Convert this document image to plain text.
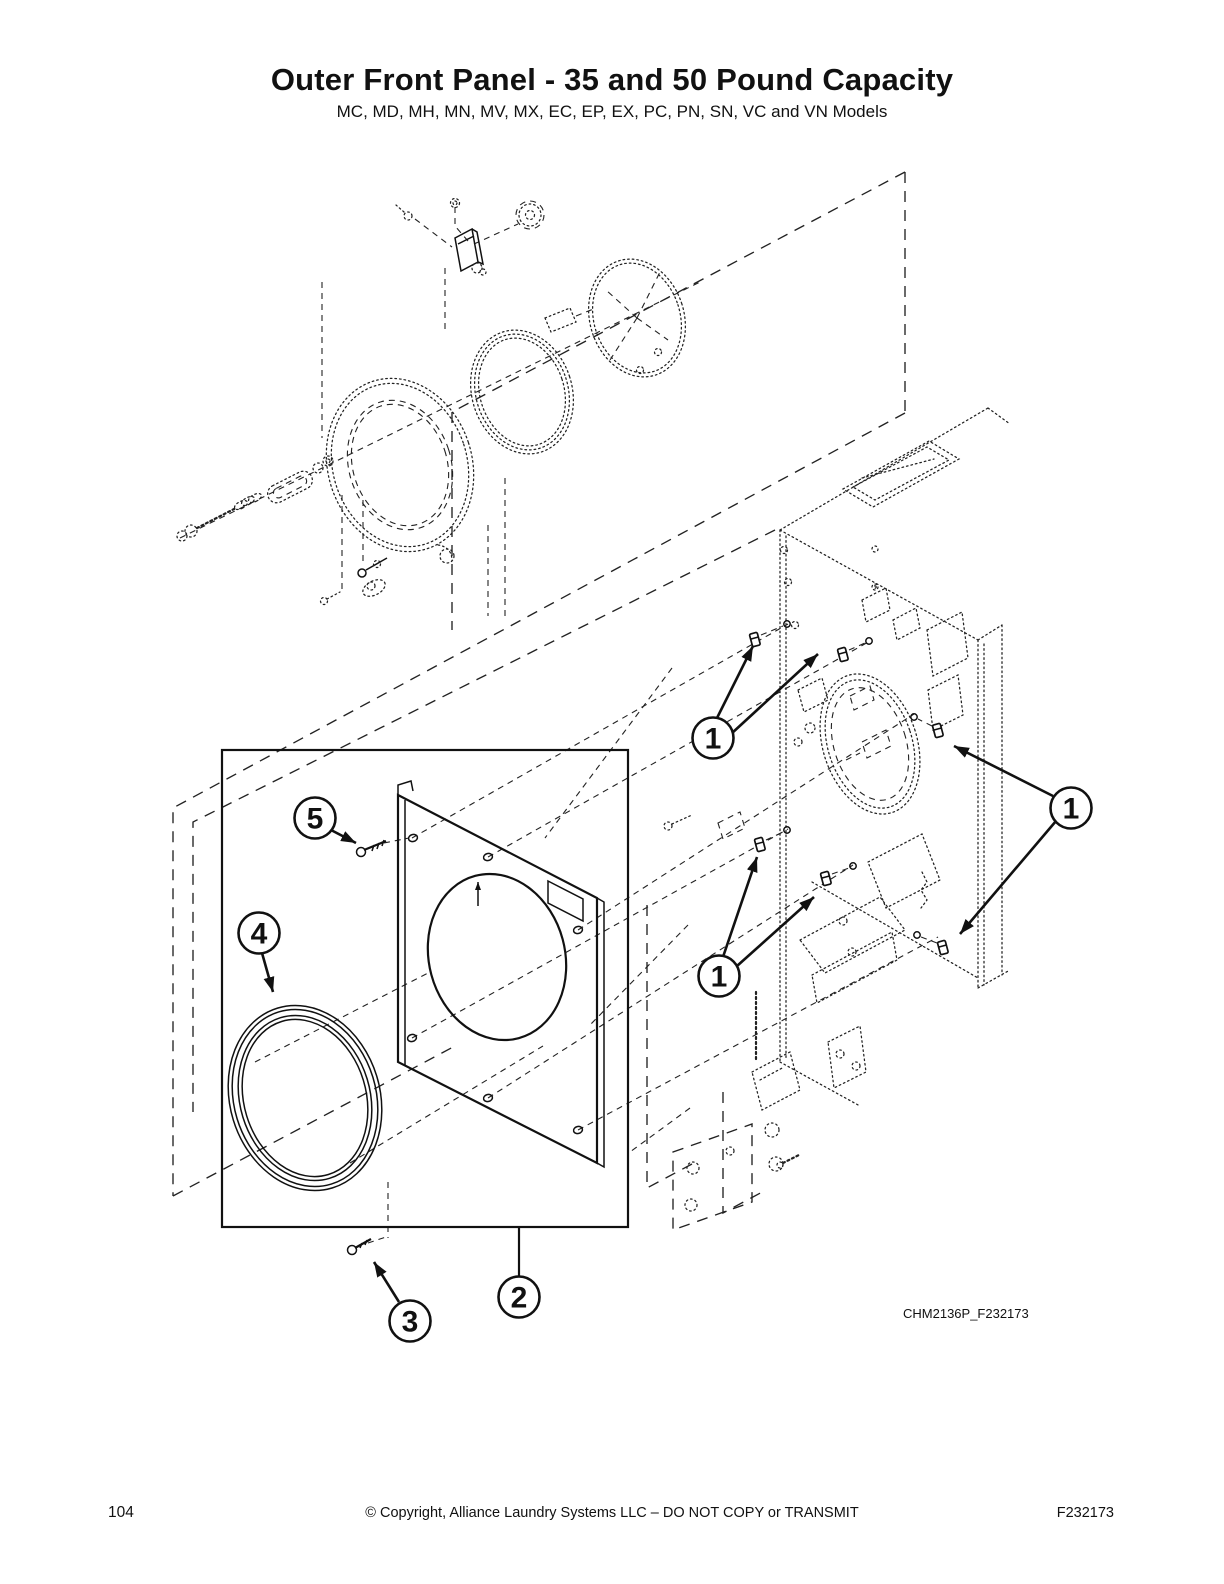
Outer Front Panel - 35 and 50 Pound Capacity
MC, MD, MH, MN, MV, MX, EC, EP, EX, PC, PN, SN, VC and VN Models
1
1
1
2
3
4
5
CHM2136P_F232173
104	© Copyright, Alliance Laundry Systems LLC – DO NOT COPY or TRANSMIT	F232173
